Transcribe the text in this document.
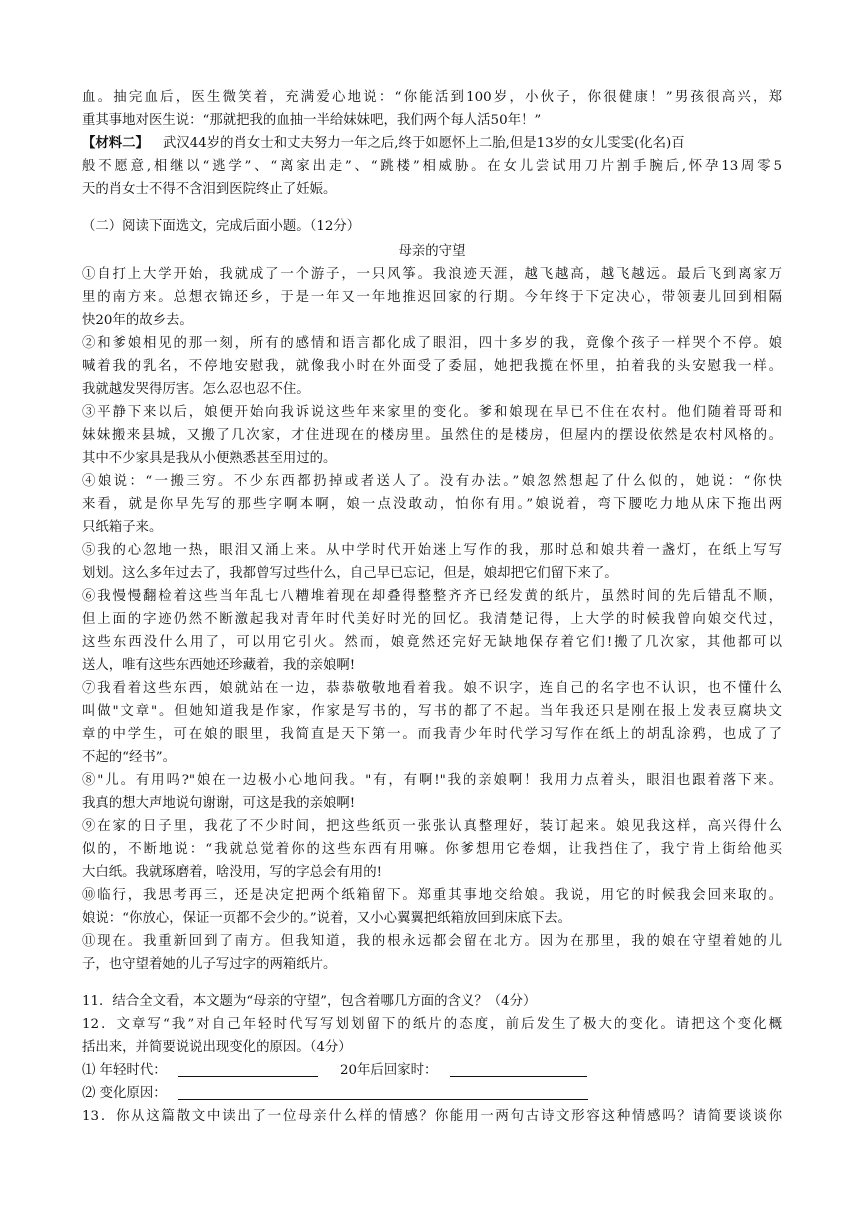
血。抽完血后，医生微笑着，充满爱心地说：“你能活到100岁，小伙子，你很健康！”男孩很高兴，郑
重其事地对医生说：“那就把我的血抽一半给妹妹吧，我们两个每人活50年！”
【材料二】 武汉44岁的肖女士和丈夫努力一年之后,终于如愿怀上二胎,但是13岁的女儿雯雯(化名)百
般不愿意,相继以“逃学”、“离家出走”、“跳楼”相威胁。在女儿尝试用刀片割手腕后,怀孕13周零5
天的肖女士不得不含泪到医院终止了妊娠。
（二）阅读下面选文，完成后面小题。（12分）
母亲的守望
①自打上大学开始，我就成了一个游子，一只风筝。我浪迹天涯，越飞越高，越飞越远。最后飞到离家万
里的南方来。总想衣锦还乡，于是一年又一年地推迟回家的行期。今年终于下定决心，带领妻儿回到相隔
快20年的故乡去。
②和爹娘相见的那一刻，所有的感情和语言都化成了眼泪，四十多岁的我，竟像个孩子一样哭个不停。娘
喊着我的乳名，不停地安慰我，就像我小时在外面受了委屈，她把我揽在怀里，拍着我的头安慰我一样。
我就越发哭得厉害。怎么忍也忍不住。
③平静下来以后，娘便开始向我诉说这些年来家里的变化。爹和娘现在早已不住在农村。他们随着哥哥和
妹妹搬来县城，又搬了几次家，才住进现在的楼房里。虽然住的是楼房，但屋内的摆设依然是农村风格的。
其中不少家具是我从小便熟悉甚至用过的。
④娘说：“一搬三穷。不少东西都扔掉或者送人了。没有办法。”娘忽然想起了什么似的，她说：“你快
来看，就是你早先写的那些字啊本啊，娘一点没敢动，怕你有用。”娘说着，弯下腰吃力地从床下拖出两
只纸箱子来。
⑤我的心忽地一热，眼泪又涌上来。从中学时代开始迷上写作的我，那时总和娘共着一盏灯，在纸上写写
划划。这么多年过去了，我都曾写过些什么，自己早已忘记，但是，娘却把它们留下来了。
⑥我慢慢翻检着这些当年乱七八糟堆着现在却叠得整整齐齐已经发黄的纸片，虽然时间的先后错乱不顺，
但上面的字迹仍然不断激起我对青年时代美好时光的回忆。我清楚记得，上大学的时候我曾向娘交代过，
这些东西没什么用了，可以用它引火。然而，娘竟然还完好无缺地保存着它们!搬了几次家，其他都可以
送人，唯有这些东西她还珍藏着，我的亲娘啊!
⑦我看着这些东西，娘就站在一边，恭恭敬敬地看着我。娘不识字，连自己的名字也不认识，也不懂什么
叫做"文章"。但她知道我是作家，作家是写书的，写书的都了不起。当年我还只是刚在报上发表豆腐块文
章的中学生，可在娘的眼里，我简直是天下第一。而我青少年时代学习写作在纸上的胡乱涂鸦，也成了了
不起的“经书”。
⑧"儿。有用吗?"娘在一边极小心地问我。"有，有啊!"我的亲娘啊！我用力点着头，眼泪也跟着落下来。
我真的想大声地说句谢谢，可这是我的亲娘啊!
⑨在家的日子里，我花了不少时间，把这些纸页一张张认真整理好，装订起来。娘见我这样，高兴得什么
似的，不断地说：“我就总觉着你的这些东西有用嘛。你爹想用它卷烟，让我挡住了，我宁肯上街给他买
大白纸。我就琢磨着，啥没用，写的字总会有用的!
⑩临行，我思考再三，还是决定把两个纸箱留下。郑重其事地交给娘。我说，用它的时候我会回来取的。
娘说：“你放心，保证一页都不会少的。”说着，又小心翼翼把纸箱放回到床底下去。
⑪现在。我重新回到了南方。但我知道，我的根永远都会留在北方。因为在那里，我的娘在守望着她的儿
子，也守望着她的儿子写过字的两箱纸片。
11．结合全文看，本文题为“母亲的守望”，包含着哪几方面的含义？（4分）
12．文章写“我”对自己年轻时代写写划划留下的纸片的态度，前后发生了极大的变化。请把这个变化概
括出来，并简要说说出现变化的原因。（4分）
⑴ 年轻时代：	20年后回家时：
⑵ 变化原因：
13．你从这篇散文中读出了一位母亲什么样的情感？你能用一两句古诗文形容这种情感吗？请简要谈谈你
